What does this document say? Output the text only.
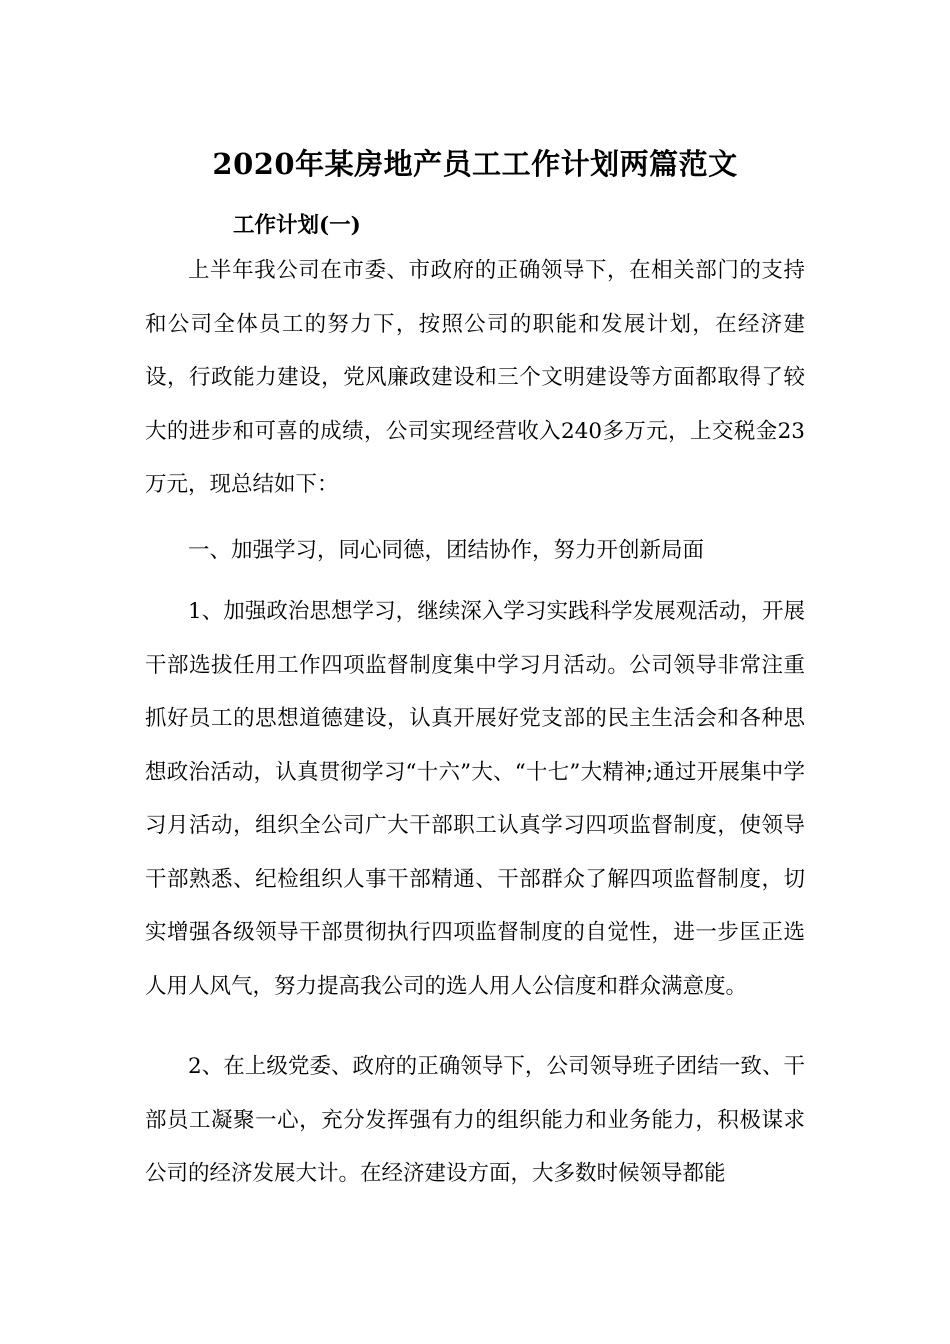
2020年某房地产员工工作计划两篇范文
工作计划(一)

上半年我公司在市委、市政府的正确领导下，在相关部门的支持和公司全体员工的努力下，按照公司的职能和发展计划，在经济建设，行政能力建设，党风廉政建设和三个文明建设等方面都取得了较大的进步和可喜的成绩，公司实现经营收入240多万元，上交税金23万元，现总结如下：

一、加强学习，同心同德，团结协作，努力开创新局面

1、加强政治思想学习，继续深入学习实践科学发展观活动，开展干部选拔任用工作四项监督制度集中学习月活动。公司领导非常注重抓好员工的思想道德建设，认真开展好党支部的民主生活会和各种思想政治活动，认真贯彻学习“十六”大、“十七”大精神;通过开展集中学习月活动，组织全公司广大干部职工认真学习四项监督制度，使领导干部熟悉、纪检组织人事干部精通、干部群众了解四项监督制度，切实增强各级领导干部贯彻执行四项监督制度的自觉性，进一步匡正选人用人风气，努力提高我公司的选人用人公信度和群众满意度。

2、在上级党委、政府的正确领导下，公司领导班子团结一致、干部员工凝聚一心，充分发挥强有力的组织能力和业务能力，积极谋求公司的经济发展大计。在经济建设方面，大多数时候领导都能
